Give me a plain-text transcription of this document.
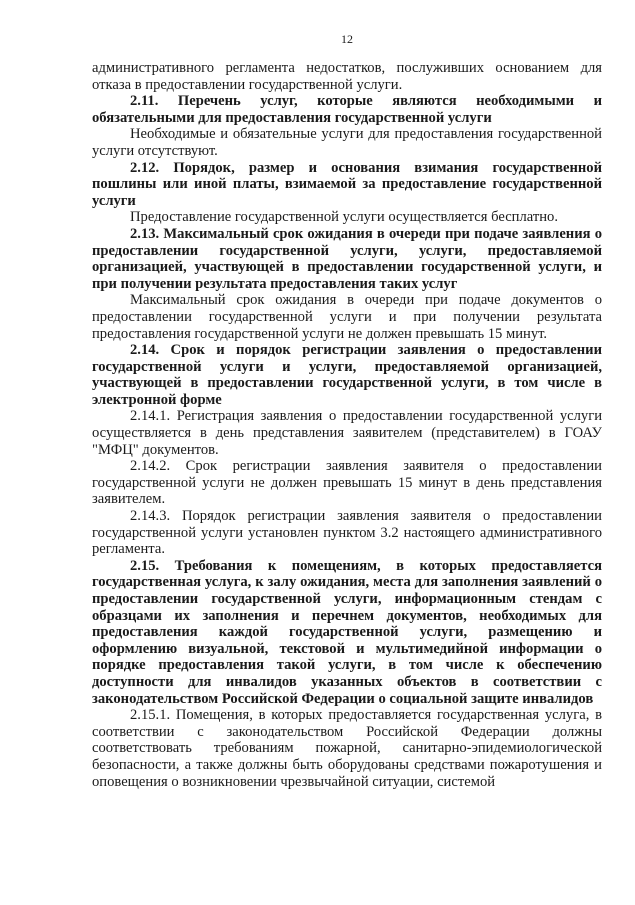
12

административного регламента недостатков, послуживших основанием для отказа в предоставлении государственной услуги.

2.11. Перечень услуг, которые являются необходимыми и обязательными для предоставления государственной услуги

Необходимые и обязательные услуги для предоставления государственной услуги отсутствуют.

2.12. Порядок, размер и основания взимания государственной пошлины или иной платы, взимаемой за предоставление государственной услуги

Предоставление государственной услуги осуществляется бесплатно.

2.13. Максимальный срок ожидания в очереди при подаче заявления о предоставлении государственной услуги, услуги, предоставляемой организацией, участвующей в предоставлении государственной услуги, и при получении результата предоставления таких услуг

Максимальный срок ожидания в очереди при подаче документов о предоставлении государственной услуги и при получении результата предоставления государственной услуги не должен превышать 15 минут.

2.14. Срок и порядок регистрации заявления о предоставлении государственной услуги и услуги, предоставляемой организацией, участвующей в предоставлении государственной услуги, в том числе в электронной форме

2.14.1. Регистрация заявления о предоставлении государственной услуги осуществляется в день представления заявителем (представителем) в ГОАУ "МФЦ" документов.

2.14.2. Срок регистрации заявления заявителя о предоставлении государственной услуги не должен превышать 15 минут в день представления заявителем.

2.14.3. Порядок регистрации заявления заявителя о предоставлении государственной услуги установлен пунктом 3.2 настоящего административного регламента.

2.15. Требования к помещениям, в которых предоставляется государственная услуга, к залу ожидания, места для заполнения заявлений о предоставлении государственной услуги, информационным стендам с образцами их заполнения и перечнем документов, необходимых для предоставления каждой государственной услуги, размещению и оформлению визуальной, текстовой и мультимедийной информации о порядке предоставления такой услуги, в том числе к обеспечению доступности для инвалидов указанных объектов в соответствии с законодательством Российской Федерации о социальной защите инвалидов

2.15.1. Помещения, в которых предоставляется государственная услуга, в соответствии с законодательством Российской Федерации должны соответствовать требованиям пожарной, санитарно-эпидемиологической безопасности, а также должны быть оборудованы средствами пожаротушения и оповещения о возникновении чрезвычайной ситуации, системой
